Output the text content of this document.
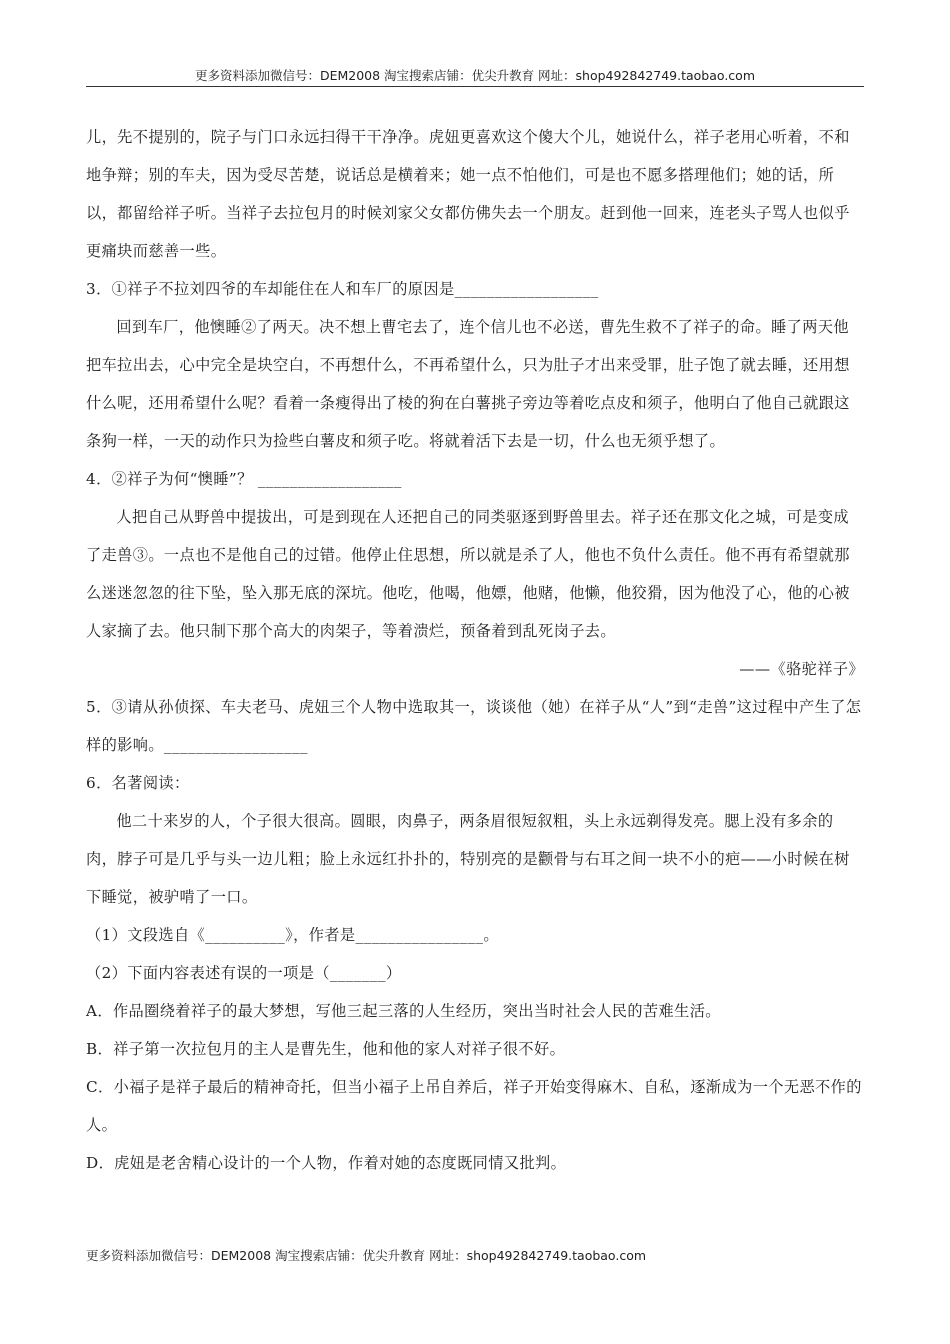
更多资料添加微信号：DEM2008 淘宝搜索店铺：优尖升教育 网址：shop492842749.taobao.com

儿，先不提别的，院子与门口永远扫得干干净净。虎妞更喜欢这个傻大个儿，她说什么，祥子老用心听着，不和地争辩；别的车夫，因为受尽苦楚，说话总是横着来；她一点不怕他们，可是也不愿多搭理他们；她的话，所以，都留给祥子听。当祥子去拉包月的时候刘家父女都仿佛失去一个朋友。赶到他一回来，连老头子骂人也似乎更痛块而慈善一些。

3．①祥子不拉刘四爷的车却能住在人和车厂的原因是__________________

回到车厂，他懊睡②了两天。决不想上曹宅去了，连个信儿也不必送，曹先生救不了祥子的命。睡了两天他把车拉出去，心中完全是块空白，不再想什么，不再希望什么，只为肚子才出来受罪，肚子饱了就去睡，还用想什么呢，还用希望什么呢？看着一条瘦得出了棱的狗在白薯挑子旁边等着吃点皮和须子，他明白了他自己就跟这条狗一样，一天的动作只为捡些白薯皮和须子吃。将就着活下去是一切，什么也无须乎想了。

4．②祥子为何“懊睡”？ __________________

人把自己从野兽中提拔出，可是到现在人还把自己的同类驱逐到野兽里去。祥子还在那文化之城，可是变成了走兽③。一点也不是他自己的过错。他停止住思想，所以就是杀了人，他也不负什么责任。他不再有希望就那么迷迷忽忽的往下坠，坠入那无底的深坑。他吃，他喝，他嫖，他赌，他懒，他狡猾，因为他没了心，他的心被人家摘了去。他只制下那个高大的肉架子，等着溃烂，预备着到乱死岗子去。

——《骆驼祥子》

5．③请从孙侦探、车夫老马、虎妞三个人物中选取其一，谈谈他（她）在祥子从“人”到“走兽”这过程中产生了怎样的影响。__________________

6．名著阅读：

他二十来岁的人，个子很大很高。圆眼，肉鼻子，两条眉很短叙粗，头上永远剃得发亮。腮上没有多余的肉，脖子可是几乎与头一边儿粗；脸上永远红扑扑的，特别亮的是颧骨与右耳之间一块不小的疤——小时候在树下睡觉，被驴啃了一口。

（1）文段选自《__________》，作者是________________。

（2）下面内容表述有误的一项是（_______）

A．作品圈绕着祥子的最大梦想，写他三起三落的人生经历，突出当时社会人民的苦难生活。

B．祥子第一次拉包月的主人是曹先生，他和他的家人对祥子很不好。

C．小福子是祥子最后的精神奇托，但当小福子上吊自养后，祥子开始变得麻木、自私，逐渐成为一个无恶不作的人。

D．虎妞是老舍精心设计的一个人物，作着对她的态度既同情又批判。

更多资料添加微信号：DEM2008 淘宝搜索店铺：优尖升教育 网址：shop492842749.taobao.com
